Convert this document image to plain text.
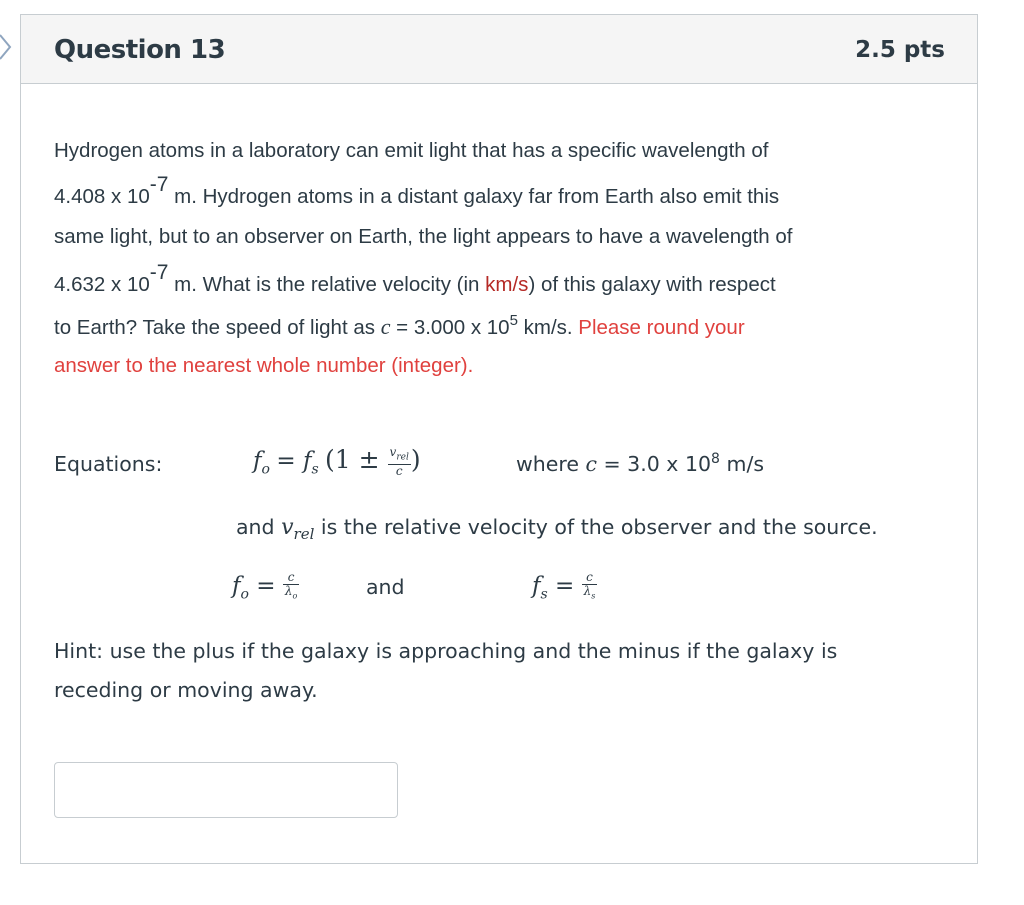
Question 13	2.5 pts
Hydrogen atoms in a laboratory can emit light that has a specific wavelength of
4.408 x 10-7 m. Hydrogen atoms in a distant galaxy far from Earth also emit this
same light, but to an observer on Earth, the light appears to have a wavelength of
4.632 x 10-7 m. What is the relative velocity (in km/s) of this galaxy with respect
to Earth? Take the speed of light as c = 3.000 x $10^5$ km/s. Please round your
answer to the nearest whole number (integer).
Equations:	$f_o = f_s$ ($1 \pm \frac{v_{rel}}{c}$ )	where c = 3.0 x $10^8$ m/s
and $v_{rel}$ is the relative velocity of the observer and the source.
$f_o = \frac{c}{\lambda_o}$	and	$f_s = \frac{c}{\lambda_s}$
Hint: use the plus if the galaxy is approaching and the minus if the galaxy is
receding or moving away.
